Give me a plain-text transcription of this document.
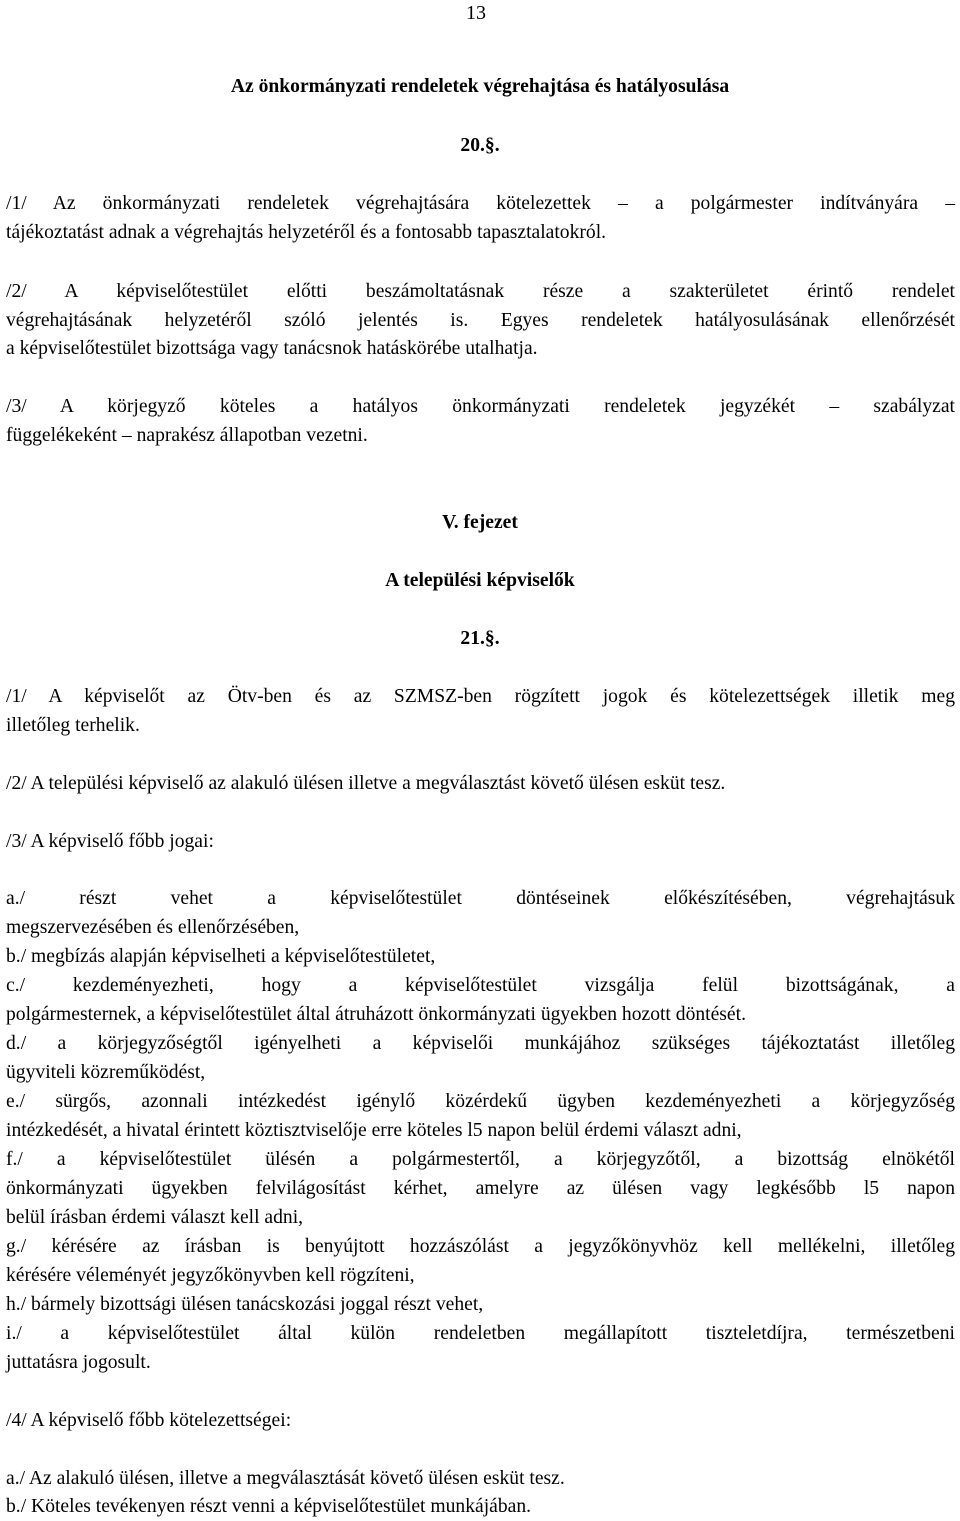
13
Az önkormányzati rendeletek végrehajtása és hatályosulása
20.§.
/1/ Az önkormányzati rendeletek végrehajtására kötelezettek – a polgármester indítványára –
tájékoztatást adnak a végrehajtás helyzetéről és a fontosabb tapasztalatokról.
/2/ A képviselőtestület előtti beszámoltatásnak része a szakterületet érintő rendelet
végrehajtásának helyzetéről szóló jelentés is. Egyes rendeletek hatályosulásának ellenőrzését
a képviselőtestület bizottsága vagy tanácsnok hatáskörébe utalhatja.
/3/ A körjegyző köteles a hatályos önkormányzati rendeletek jegyzékét – szabályzat
függelékeként – naprakész állapotban vezetni.
V. fejezet
A települési képviselők
21.§.
/1/ A képviselőt az Ötv-ben és az SZMSZ-ben rögzített jogok és kötelezettségek illetik meg
illetőleg terhelik.
/2/ A települési képviselő az alakuló ülésen illetve a megválasztást követő ülésen esküt tesz.
/3/ A képviselő főbb jogai:
a./ részt vehet a képviselőtestület döntéseinek előkészítésében, végrehajtásuk
megszervezésében és ellenőrzésében,
b./ megbízás alapján képviselheti a képviselőtestületet,
c./ kezdeményezheti, hogy a képviselőtestület vizsgálja felül bizottságának, a
polgármesternek, a képviselőtestület által átruházott önkormányzati ügyekben hozott döntését.
d./ a körjegyzőségtől igényelheti a képviselői munkájához szükséges tájékoztatást illetőleg
ügyviteli közreműködést,
e./ sürgős, azonnali intézkedést igénylő közérdekű ügyben kezdeményezheti a körjegyzőség
intézkedését, a hivatal érintett köztisztviselője erre köteles l5 napon belül érdemi választ adni,
f./ a képviselőtestület ülésén a polgármestertől, a körjegyzőtől, a bizottság elnökétől
önkormányzati ügyekben felvilágosítást kérhet, amelyre az ülésen vagy legkésőbb l5 napon
belül írásban érdemi választ kell adni,
g./ kérésére az írásban is benyújtott hozzászólást a jegyzőkönyvhöz kell mellékelni, illetőleg
kérésére véleményét jegyzőkönyvben kell rögzíteni,
h./ bármely bizottsági ülésen tanácskozási joggal részt vehet,
i./ a képviselőtestület által külön rendeletben megállapított tiszteletdíjra, természetbeni
juttatásra jogosult.
/4/ A képviselő főbb kötelezettségei:
a./ Az alakuló ülésen, illetve a megválasztását követő ülésen esküt tesz.
b./ Köteles tevékenyen részt venni a képviselőtestület munkájában.
